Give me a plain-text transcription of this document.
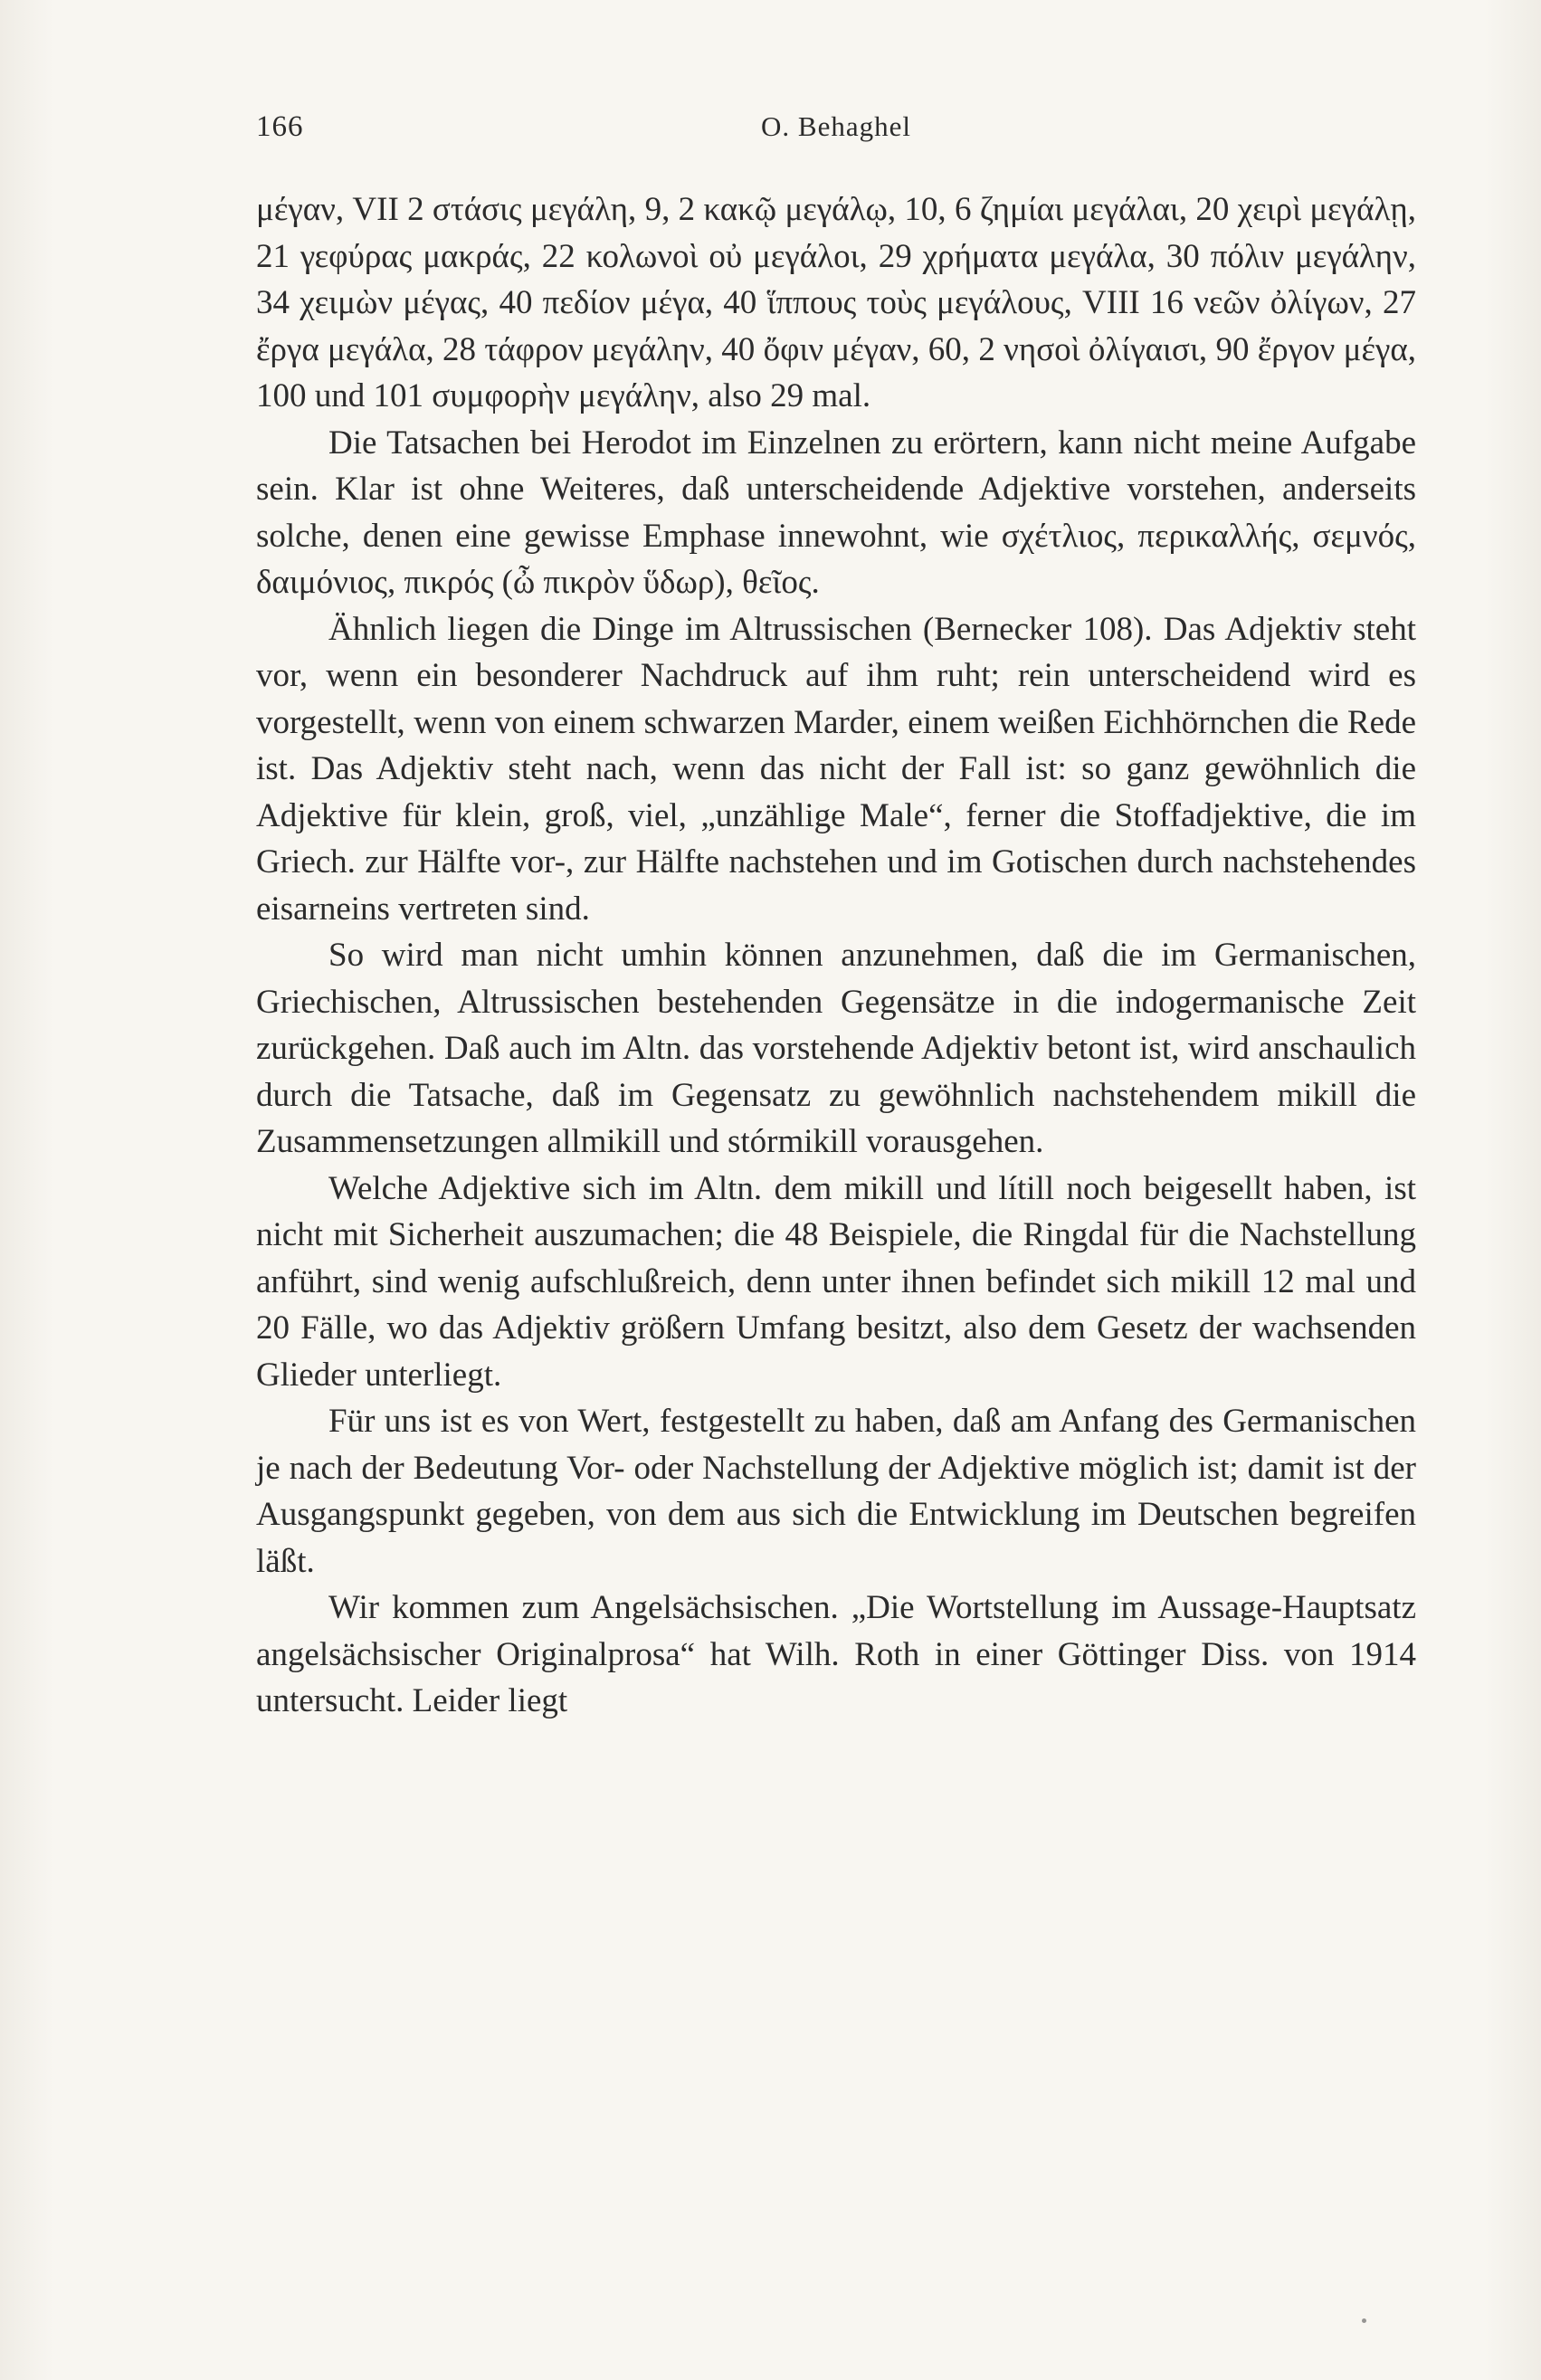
166	O. Behaghel

μέγαν, VII 2 στάσις μεγάλη, 9, 2 κακῷ μεγάλῳ, 10, 6 ζημίαι μεγάλαι, 20 χειρὶ μεγάλῃ, 21 γεφύρας μακράς, 22 κολωνοὶ οὐ μεγάλοι, 29 χρήματα μεγάλα, 30 πόλιν μεγάλην, 34 χειμὼν μέγας, 40 πεδίον μέγα, 40 ἵππους τοὺς μεγάλους, VIII 16 νεῶν ὀλίγων, 27 ἔργα μεγάλα, 28 τάφρον μεγάλην, 40 ὄφιν μέγαν, 60, 2 νησοὶ ὀλίγαισι, 90 ἔργον μέγα, 100 und 101 συμφορὴν μεγάλην, also 29 mal.

Die Tatsachen bei Herodot im Einzelnen zu erörtern, kann nicht meine Aufgabe sein. Klar ist ohne Weiteres, daß unterscheidende Adjektive vorstehen, anderseits solche, denen eine gewisse Emphase innewohnt, wie σχέτλιος, περικαλλής, σεμνός, δαιμόνιος, πικρός (ὦ πικρὸν ὕδωρ), θεῖος.

Ähnlich liegen die Dinge im Altrussischen (Bernecker 108). Das Adjektiv steht vor, wenn ein besonderer Nachdruck auf ihm ruht; rein unterscheidend wird es vorgestellt, wenn von einem schwarzen Marder, einem weißen Eichhörnchen die Rede ist. Das Adjektiv steht nach, wenn das nicht der Fall ist: so ganz gewöhnlich die Adjektive für klein, groß, viel, „unzählige Male“, ferner die Stoffadjektive, die im Griech. zur Hälfte vor-, zur Hälfte nachstehen und im Gotischen durch nachstehendes eisarneins vertreten sind.

So wird man nicht umhin können anzunehmen, daß die im Germanischen, Griechischen, Altrussischen bestehenden Gegensätze in die indogermanische Zeit zurückgehen. Daß auch im Altn. das vorstehende Adjektiv betont ist, wird anschaulich durch die Tatsache, daß im Gegensatz zu gewöhnlich nachstehendem mikill die Zusammensetzungen allmikill und stórmikill vorausgehen.

Welche Adjektive sich im Altn. dem mikill und lítill noch beigesellt haben, ist nicht mit Sicherheit auszumachen; die 48 Beispiele, die Ringdal für die Nachstellung anführt, sind wenig aufschlußreich, denn unter ihnen befindet sich mikill 12 mal und 20 Fälle, wo das Adjektiv größern Umfang besitzt, also dem Gesetz der wachsenden Glieder unterliegt.

Für uns ist es von Wert, festgestellt zu haben, daß am Anfang des Germanischen je nach der Bedeutung Vor- oder Nachstellung der Adjektive möglich ist; damit ist der Ausgangspunkt gegeben, von dem aus sich die Entwicklung im Deutschen begreifen läßt.

Wir kommen zum Angelsächsischen. „Die Wortstellung im Aussage-Hauptsatz angelsächsischer Originalprosa“ hat Wilh. Roth in einer Göttinger Diss. von 1914 untersucht. Leider liegt
